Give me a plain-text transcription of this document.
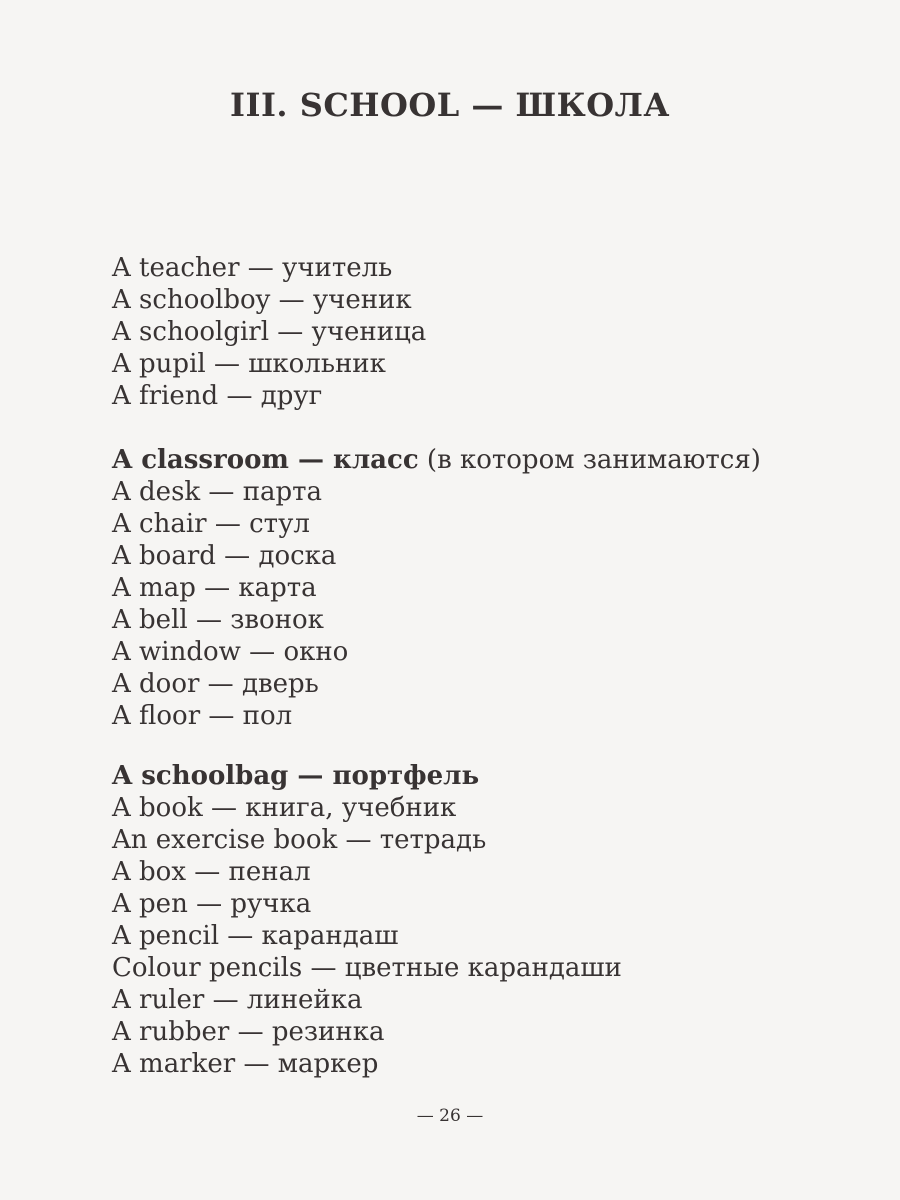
III. SCHOOL — ШКОЛА
A teacher — учитель
A schoolboy — ученик
A schoolgirl — ученица
A pupil — школьник
A friend — друг
A classroom — класс (в котором занимаются)
A desk — парта
A chair — стул
A board — доска
A map — карта
A bell — звонок
A window — окно
A door — дверь
A floor — пол
A schoolbag — портфель
A book — книга, учебник
An exercise book — тетрадь
A box — пенал
A pen — ручка
A pencil — карандаш
Colour pencils — цветные карандаши
A ruler — линейка
A rubber — резинка
A marker — маркер
— 26 —
